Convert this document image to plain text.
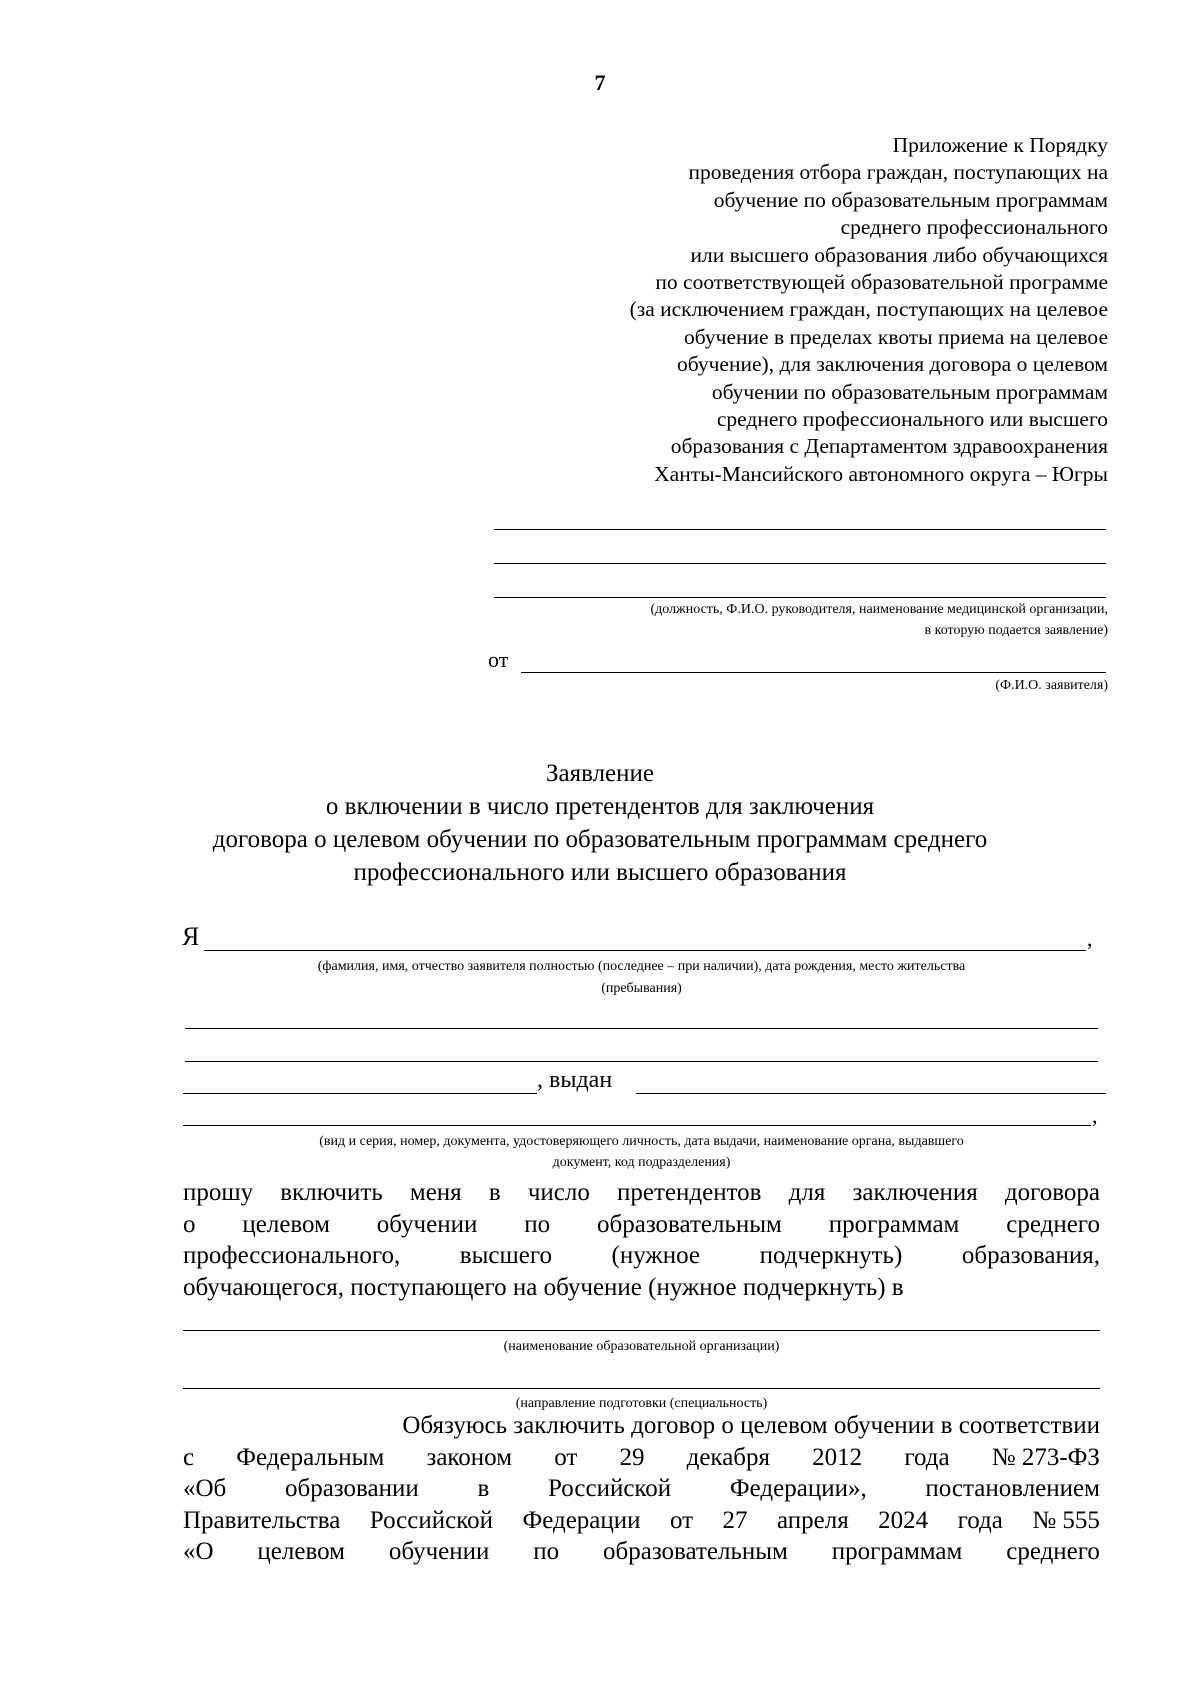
7
Приложение к Порядку
проведения отбора граждан, поступающих на
обучение по образовательным программам
среднего профессионального
или высшего образования либо обучающихся
по соответствующей образовательной программе
(за исключением граждан, поступающих на целевое
обучение в пределах квоты приема на целевое
обучение), для заключения договора о целевом
обучении по образовательным программам
среднего профессионального или высшего
образования с Департаментом здравоохранения
Ханты-Мансийского автономного округа – Югры
(должность, Ф.И.О. руководителя, наименование медицинской организации,
в которую подается заявление)
от
(Ф.И.О. заявителя)
Заявление
о включении в число претендентов для заключения
договора о целевом обучении по образовательным программам среднего
профессионального или высшего образования
Я	,
(фамилия, имя, отчество заявителя полностью (последнее – при наличии), дата рождения, место жительства
(пребывания)
, выдан
,
(вид и серия, номер, документа, удостоверяющего личность, дата выдачи, наименование органа, выдавшего
документ, код подразделения)
прошу включить меня в число претендентов для заключения договора
о целевом обучении по образовательным программам среднего
профессионального, высшего (нужное подчеркнуть) образования,
обучающегося, поступающего на обучение (нужное подчеркнуть) в
(наименование образовательной организации)
(направление подготовки (специальность)
Обязуюсь заключить договор о целевом обучении в соответствии
с Федеральным законом от 29 декабря 2012 года № 273-ФЗ
«Об образовании в Российской Федерации», постановлением
Правительства Российской Федерации от 27 апреля 2024 года № 555
«О целевом обучении по образовательным программам среднего
